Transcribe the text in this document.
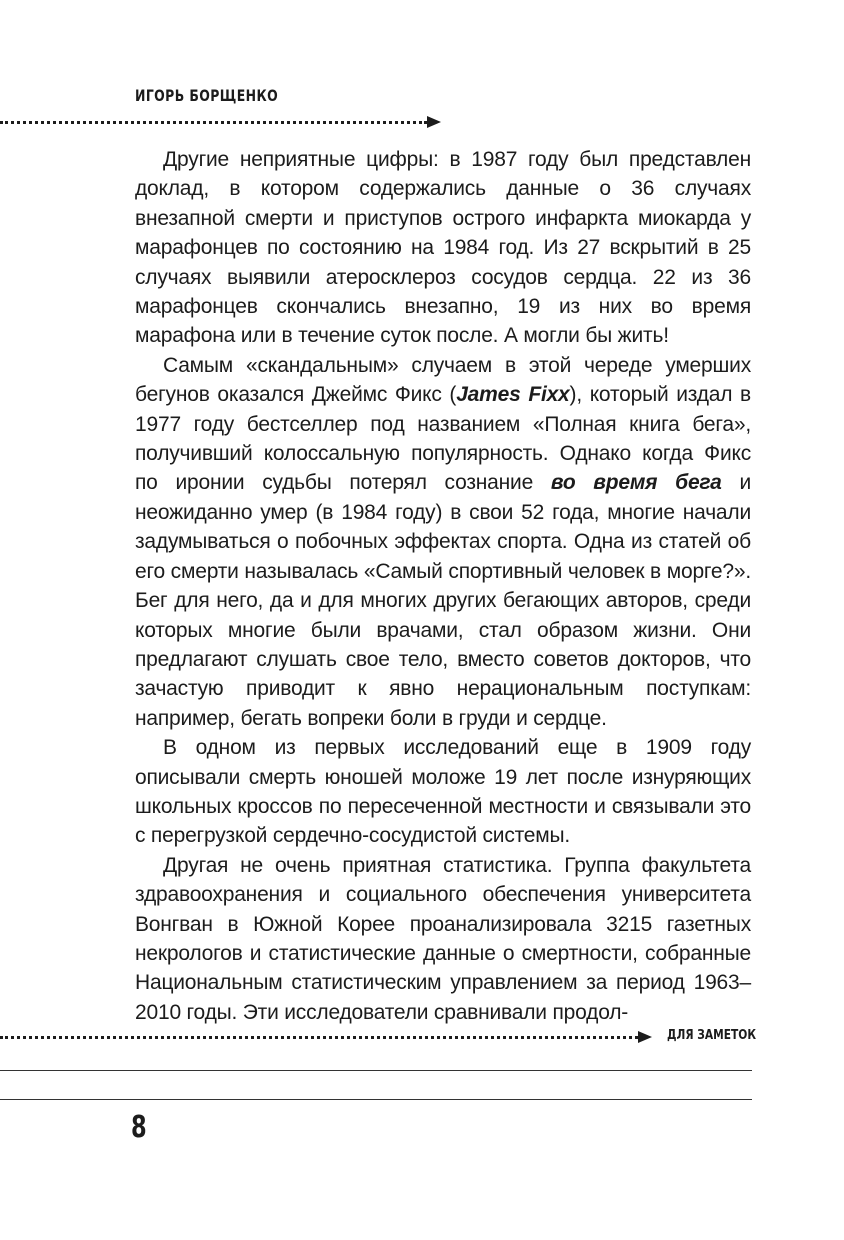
ИГОРЬ БОРЩЕНКО

Другие неприятные цифры: в 1987 году был представлен доклад, в котором содержались данные о 36 случаях внезапной смерти и приступов острого инфаркта миокарда у марафонцев по состоянию на 1984 год. Из 27 вскрытий в 25 случаях выявили атеросклероз сосудов сердца. 22 из 36 марафонцев скончались внезапно, 19 из них во время марафона или в течение суток после. А могли бы жить!

Самым «скандальным» случаем в этой череде умерших бегунов оказался Джеймс Фикс (James Fixx), который издал в 1977 году бестселлер под названием «Полная книга бега», получивший колоссальную популярность. Однако когда Фикс по иронии судьбы потерял сознание во время бега и неожиданно умер (в 1984 году) в свои 52 года, многие начали задумываться о побочных эффектах спорта. Одна из статей об его смерти называлась «Самый спортивный человек в морге?». Бег для него, да и для многих других бегающих авторов, среди которых многие были врачами, стал образом жизни. Они предлагают слушать свое тело, вместо советов докторов, что зачастую приводит к явно нерациональным поступкам: например, бегать вопреки боли в груди и сердце.

В одном из первых исследований еще в 1909 году описывали смерть юношей моложе 19 лет после изнуряющих школьных кроссов по пересеченной местности и связывали это с перегрузкой сердечно-сосудистой системы.

Другая не очень приятная статистика. Группа факультета здравоохранения и социального обеспечения университета Вонгван в Южной Корее проанализировала 3215 газетных некрологов и статистические данные о смертности, собранные Национальным статистическим управлением за период 1963–2010 годы. Эти исследователи сравнивали продол-

ДЛЯ ЗАМЕТОК
8
